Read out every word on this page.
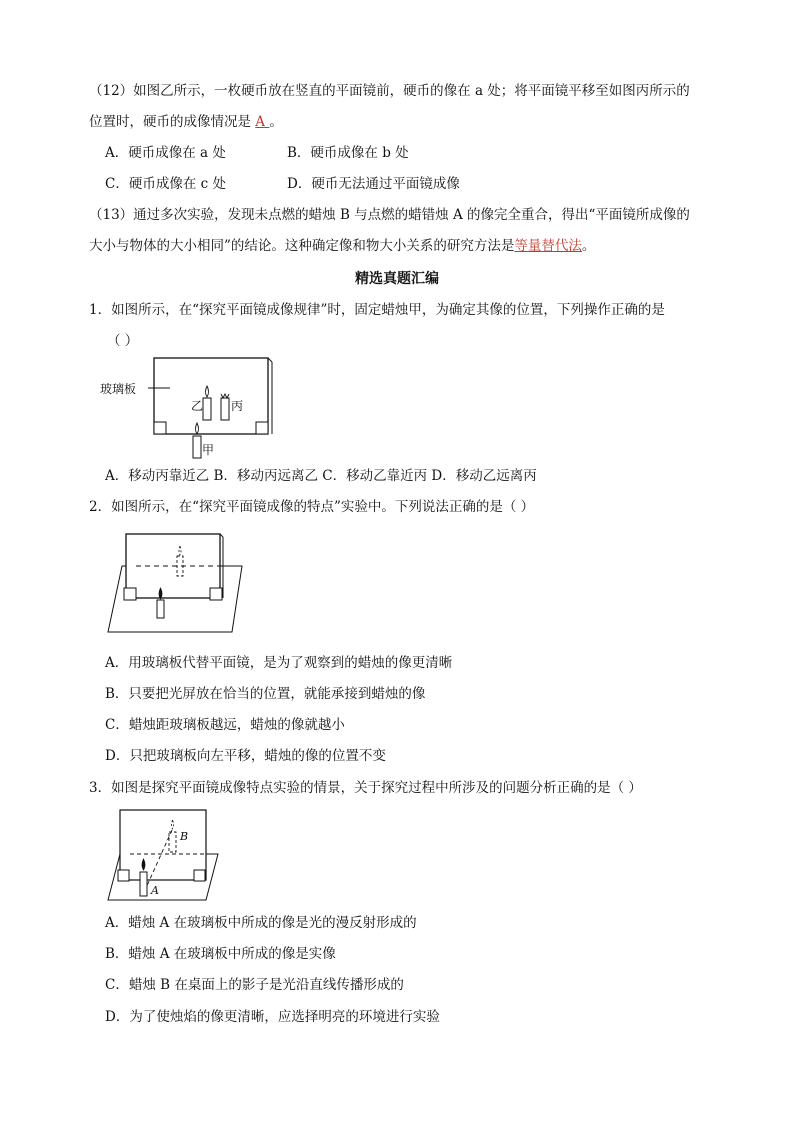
（12）如图乙所示，一枚硬币放在竖直的平面镜前，硬币的像在 a 处；将平面镜平移至如图丙所示的
位置时，硬币的成像情况是 A 。
A．硬币成像在 a 处	B．硬币成像在 b 处
C．硬币成像在 c 处	D．硬币无法通过平面镜成像
（13）通过多次实验，发现未点燃的蜡烛 B 与点燃的蜡错烛 A 的像完全重合，得出“平面镜所成像的
大小与物体的大小相同”的结论。这种确定像和物大小关系的研究方法是等量替代法。
精选真题汇编
1．如图所示，在“探究平面镜成像规律”时，固定蜡烛甲，为确定其像的位置，下列操作正确的是
（ ）
玻璃板
乙 丙
甲
A．移动丙靠近乙 B．移动丙远离乙 C．移动乙靠近丙 D．移动乙远离丙
2．如图所示，在“探究平面镜成像的特点”实验中。下列说法正确的是（ ）
A．用玻璃板代替平面镜，是为了观察到的蜡烛的像更清晰
B．只要把光屏放在恰当的位置，就能承接到蜡烛的像
C．蜡烛距玻璃板越远，蜡烛的像就越小
D．只把玻璃板向左平移，蜡烛的像的位置不变
3．如图是探究平面镜成像特点实验的情景，关于探究过程中所涉及的问题分析正确的是（ ）
B
A
A．蜡烛 A 在玻璃板中所成的像是光的漫反射形成的
B．蜡烛 A 在玻璃板中所成的像是实像
C．蜡烛 B 在桌面上的影子是光沿直线传播形成的
D．为了使烛焰的像更清晰，应选择明亮的环境进行实验
